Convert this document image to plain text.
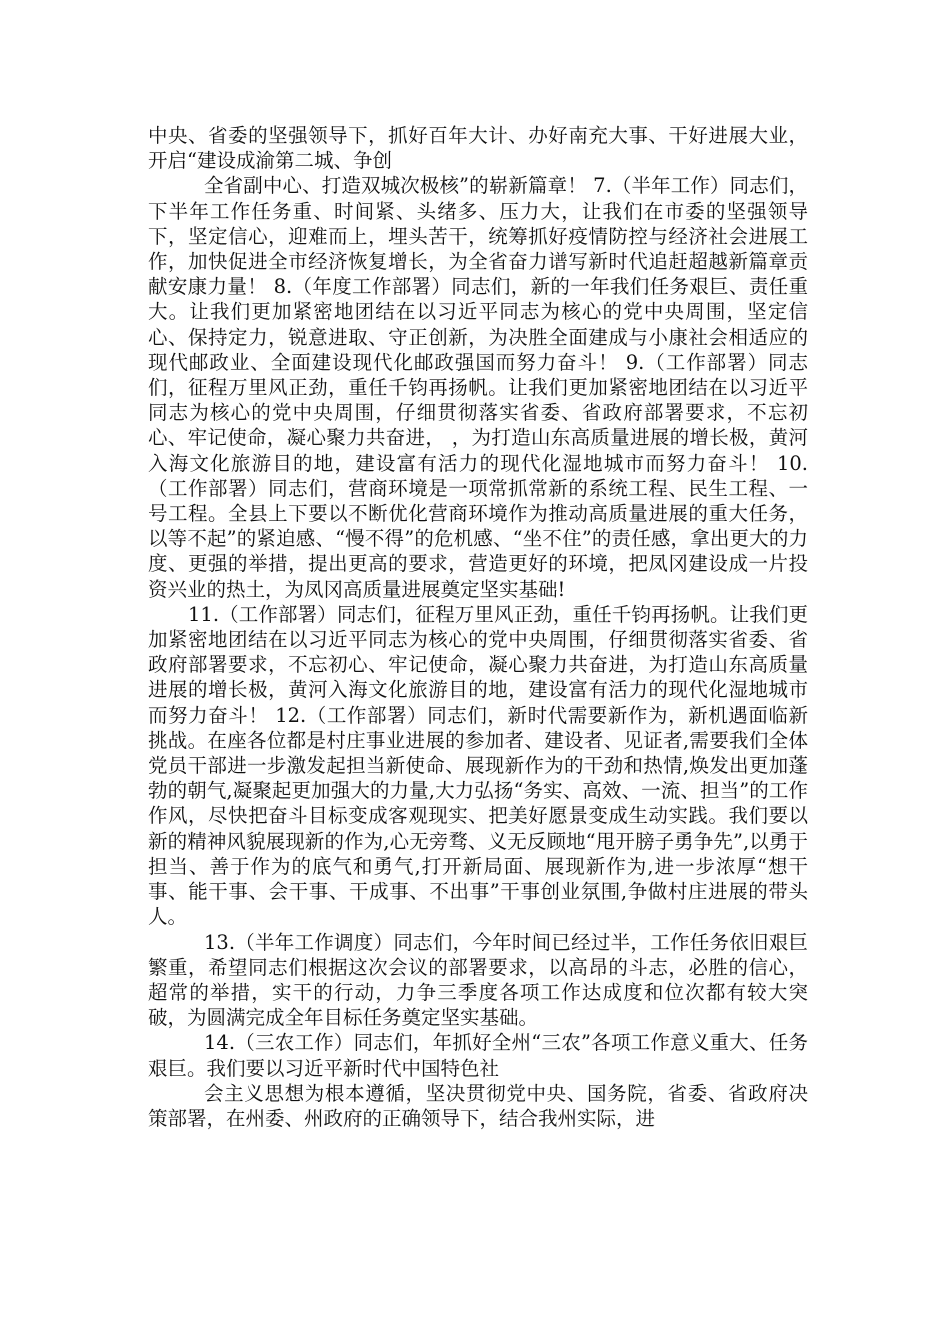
中央、省委的坚强领导下，抓好百年大计、办好南充大事、干好进展大业，开启“建设成渝第二城、争创

全省副中心、打造双城次极核”的崭新篇章！ 7.（半年工作）同志们，下半年工作任务重、时间紧、头绪多、压力大，让我们在市委的坚强领导下，坚定信心，迎难而上，埋头苦干，统筹抓好疫情防控与经济社会进展工作，加快促进全市经济恢复增长，为全省奋力谱写新时代追赶超越新篇章贡献安康力量！ 8.（年度工作部署）同志们，新的一年我们任务艰巨、责任重大。让我们更加紧密地团结在以习近平同志为核心的党中央周围，坚定信心、保持定力，锐意进取、守正创新，为决胜全面建成与小康社会相适应的现代邮政业、全面建设现代化邮政强国而努力奋斗！ 9.（工作部署）同志们，征程万里风正劲，重任千钧再扬帆。让我们更加紧密地团结在以习近平同志为核心的党中央周围，仔细贯彻落实省委、省政府部署要求，不忘初心、牢记使命，凝心聚力共奋进， ，为打造山东高质量进展的增长极，黄河入海文化旅游目的地，建设富有活力的现代化湿地城市而努力奋斗！ 10.（工作部署）同志们，营商环境是一项常抓常新的系统工程、民生工程、一号工程。全县上下要以不断优化营商环境作为推动高质量进展的重大任务，以等不起”的紧迫感、“慢不得”的危机感、“坐不住”的责任感，拿出更大的力度、更强的举措，提出更高的要求，营造更好的环境，把凤冈建设成一片投资兴业的热土，为凤冈高质量进展奠定坚实基础!

11.（工作部署）同志们，征程万里风正劲，重任千钧再扬帆。让我们更加紧密地团结在以习近平同志为核心的党中央周围，仔细贯彻落实省委、省政府部署要求，不忘初心、牢记使命，凝心聚力共奋进，为打造山东高质量进展的增长极，黄河入海文化旅游目的地，建设富有活力的现代化湿地城市而努力奋斗！ 12.（工作部署）同志们，新时代需要新作为，新机遇面临新挑战。在座各位都是村庄事业进展的参加者、建设者、见证者,需要我们全体党员干部进一步激发起担当新使命、展现新作为的干劲和热情,焕发出更加蓬勃的朝气,凝聚起更加强大的力量,大力弘扬“务实、高效、一流、担当”的工作作风，尽快把奋斗目标变成客观现实、把美好愿景变成生动实践。我们要以新的精神风貌展现新的作为,心无旁骛、义无反顾地“甩开膀子勇争先”,以勇于担当、善于作为的底气和勇气,打开新局面、展现新作为,进一步浓厚“想干事、能干事、会干事、干成事、不出事”干事创业氛围,争做村庄进展的带头人。

13.（半年工作调度）同志们，今年时间已经过半，工作任务依旧艰巨繁重，希望同志们根据这次会议的部署要求，以高昂的斗志，必胜的信心，超常的举措，实干的行动，力争三季度各项工作达成度和位次都有较大突破，为圆满完成全年目标任务奠定坚实基础。

14.（三农工作）同志们，年抓好全州“三农”各项工作意义重大、任务艰巨。我们要以习近平新时代中国特色社

会主义思想为根本遵循，坚决贯彻党中央、国务院，省委、省政府决策部署，在州委、州政府的正确领导下，结合我州实际，进
